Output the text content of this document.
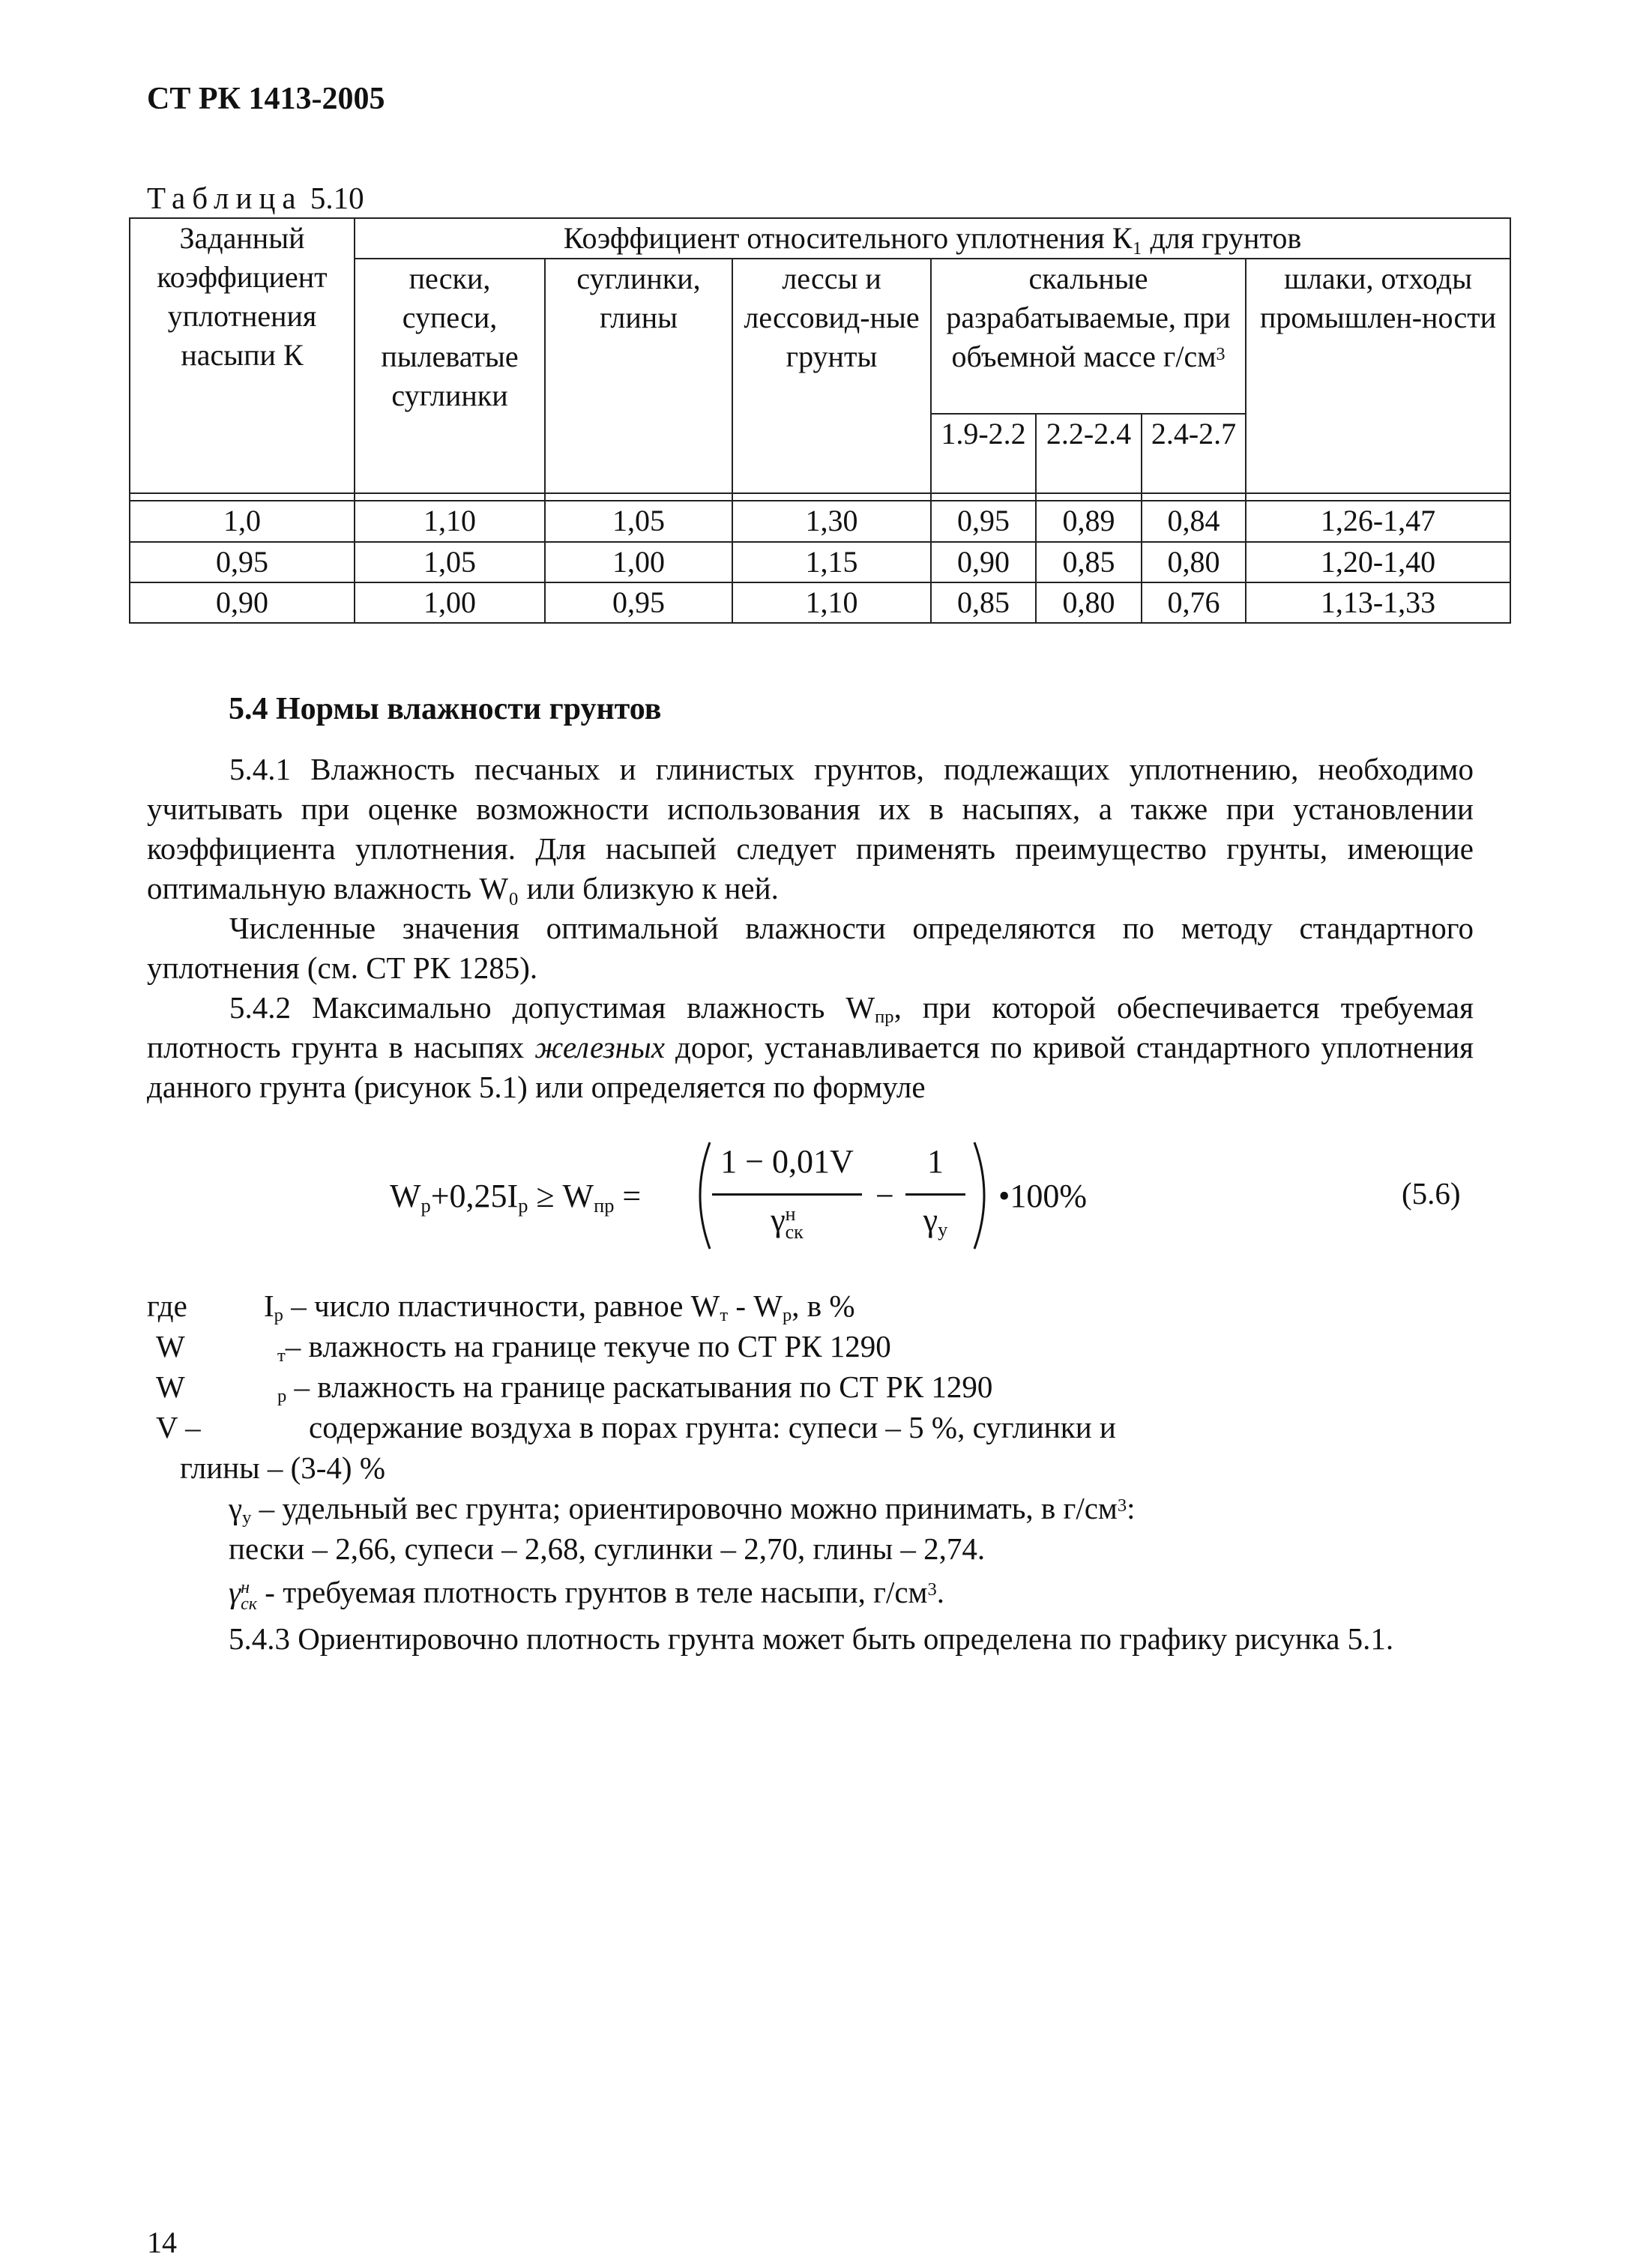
СТ РК 1413-2005
Таблица 5.10
Заданный коэффициент уплотнения насыпи К	Коэффициент относительного уплотнения К₁ для грунтов						
	пески, супеси, пылеватые суглинки	суглинки, глины	лессы и лессовид-ные грунты	скальные разрабатываемые, при объемной массе $г/см^3$			шлаки, отходы промышлен-ности
				1.9-2.2	2.2-2.4	2.4-2.7	

1,0	1,10	1,05	1,30	0,95	0,89	0,84	1,26-1,47
0,95	1,05	1,00	1,15	0,90	0,85	0,80	1,20-1,40
0,90	1,00	0,95	1,10	0,85	0,80	0,76	1,13-1,33
5.4 Нормы влажности грунтов
5.4.1 Влажность песчаных и глинистых грунтов, подлежащих уплотнению, необходимо учитывать при оценке возможности использования их в насыпях, а также при установлении коэффициента уплотнения. Для насыпей следует применять преимущество грунты, имеющие оптимальную влажность W₀ или близкую к ней.
Численные значения оптимальной влажности определяются по методу стандартного уплотнения (см. СТ РК 1285).
5.4.2 Максимально допустимая влажность $W_{пр}$, при которой обеспечивается требуемая плотность грунта в насыпях железных дорог, устанавливается по кривой стандартного уплотнения данного грунта (рисунок 5.1) или определяется по формуле
$W_р+0,25I_р \ge W_{пр}$ =
1 − 0,01V
γ н
ск
−
1
$\gamma_у$
•100%	(5.6)
где $I_р$ – число пластичности, равное $W_т - W_р$, в %
W	$_т$– влажность на границе текуче по СТ РК 1290
W	$_р$ – влажность на границе раскатывания по СТ РК 1290
V –	содержание воздуха в порах грунта: супеси – 5 %, суглинки и
глины – (3-4) %
$\gamma_у$ – удельный вес грунта; ориентировочно можно принимать, в $г/см^3$:
пески – 2,66, супеси – 2,68, суглинки – 2,70, глины – 2,74.
γ н
ск - требуемая плотность грунтов в теле насыпи, $г/см^3$.
5.4.3 Ориентировочно плотность грунта может быть определена по графику рисунка 5.1.
14
